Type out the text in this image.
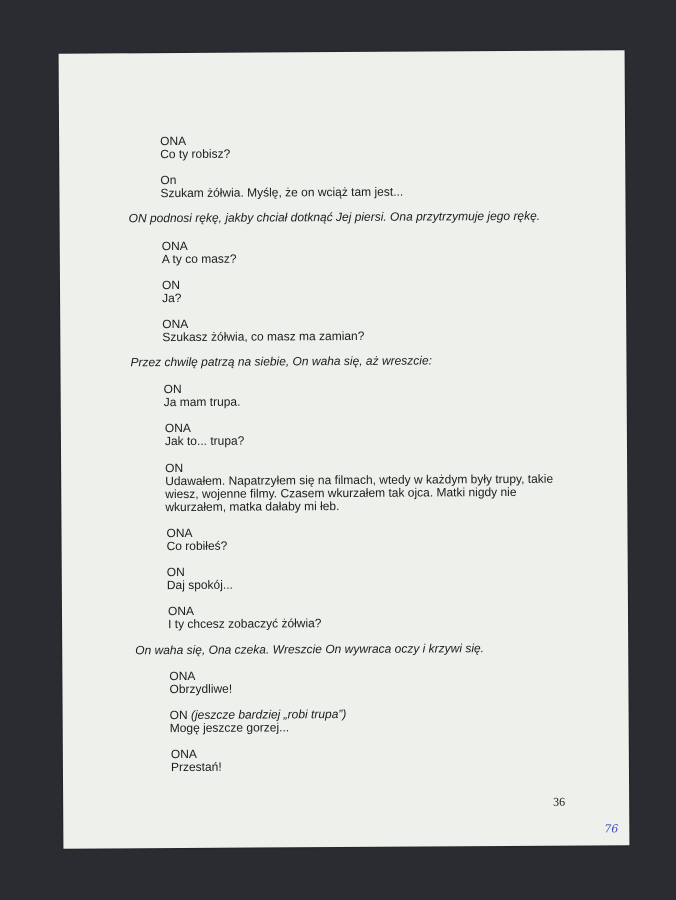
ONA
Co ty robisz?
On
Szukam żółwia. Myślę, że on wciąż tam jest...
ON podnosi rękę, jakby chciał dotknąć Jej piersi. Ona przytrzymuje jego rękę.
ONA
A ty co masz?
ON
Ja?
ONA
Szukasz żółwia, co masz ma zamian?
Przez chwilę patrzą na siebie, On waha się, aż wreszcie:
ON
Ja mam trupa.
ONA
Jak to... trupa?
ON
Udawałem. Napatrzyłem się na filmach, wtedy w każdym były trupy, takie wiesz, wojenne filmy. Czasem wkurzałem tak ojca. Matki nigdy nie wkurzałem, matka dałaby mi łeb.
ONA
Co robiłeś?
ON
Daj spokój...
ONA
I ty chcesz zobaczyć żółwia?
On waha się, Ona czeka. Wreszcie On wywraca oczy i krzywi się.
ONA
Obrzydliwe!
ON (jeszcze bardziej „robi trupa”)
Mogę jeszcze gorzej...
ONA
Przestań!
36
76
